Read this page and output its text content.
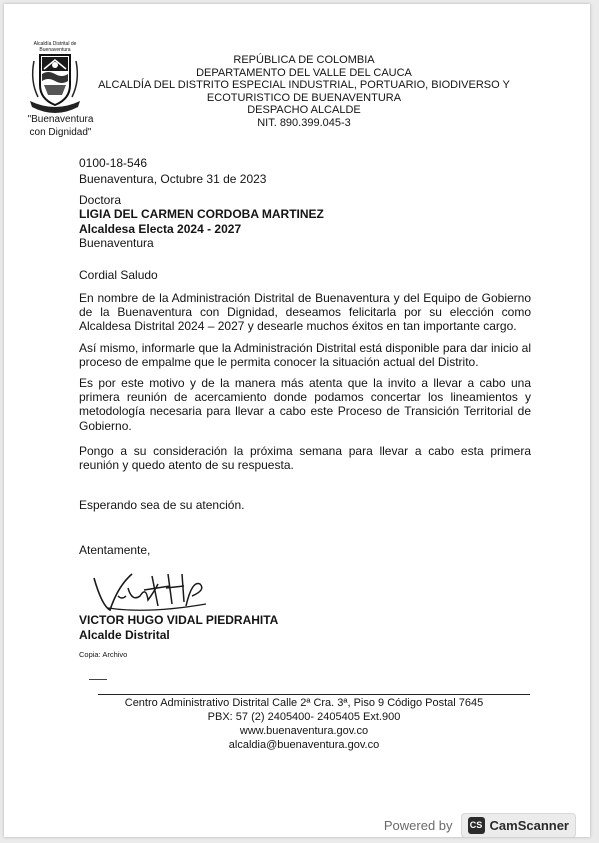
Alcaldía Distrital de Buenaventura
"Buenaventura
con Dignidad"
REPÚBLICA DE COLOMBIA
DEPARTAMENTO DEL VALLE DEL CAUCA
ALCALDÍA DEL DISTRITO ESPECIAL INDUSTRIAL, PORTUARIO, BIODIVERSO Y
ECOTURISTICO DE BUENAVENTURA
DESPACHO ALCALDE
NIT. 890.399.045-3
0100-18-546
Buenaventura, Octubre 31 de 2023
Doctora
LIGIA DEL CARMEN CORDOBA MARTINEZ
Alcaldesa Electa 2024 - 2027
Buenaventura
Cordial Saludo
En nombre de la Administración Distrital de Buenaventura y del Equipo de Gobierno de la Buenaventura con Dignidad, deseamos felicitarla por su elección como Alcaldesa Distrital 2024 – 2027 y desearle muchos éxitos en tan importante cargo.
Así mismo, informarle que la Administración Distrital está disponible para dar inicio al proceso de empalme que le permita conocer la situación actual del Distrito.
Es por este motivo y de la manera más atenta que la invito a llevar a cabo una primera reunión de acercamiento donde podamos concertar los lineamientos y metodología necesaria para llevar a cabo este Proceso de Transición Territorial de Gobierno.
Pongo a su consideración la próxima semana para llevar a cabo esta primera reunión y quedo atento de su respuesta.
Esperando sea de su atención.
Atentamente,
VICTOR HUGO VIDAL PIEDRAHITA
Alcalde Distrital
Copia: Archivo
Centro Administrativo Distrital Calle 2ª Cra. 3ª, Piso 9 Código Postal 7645
PBX: 57 (2) 2405400- 2405405 Ext.900
www.buenaventura.gov.co
alcaldia@buenaventura.gov.co
Powered by CS CamScanner
